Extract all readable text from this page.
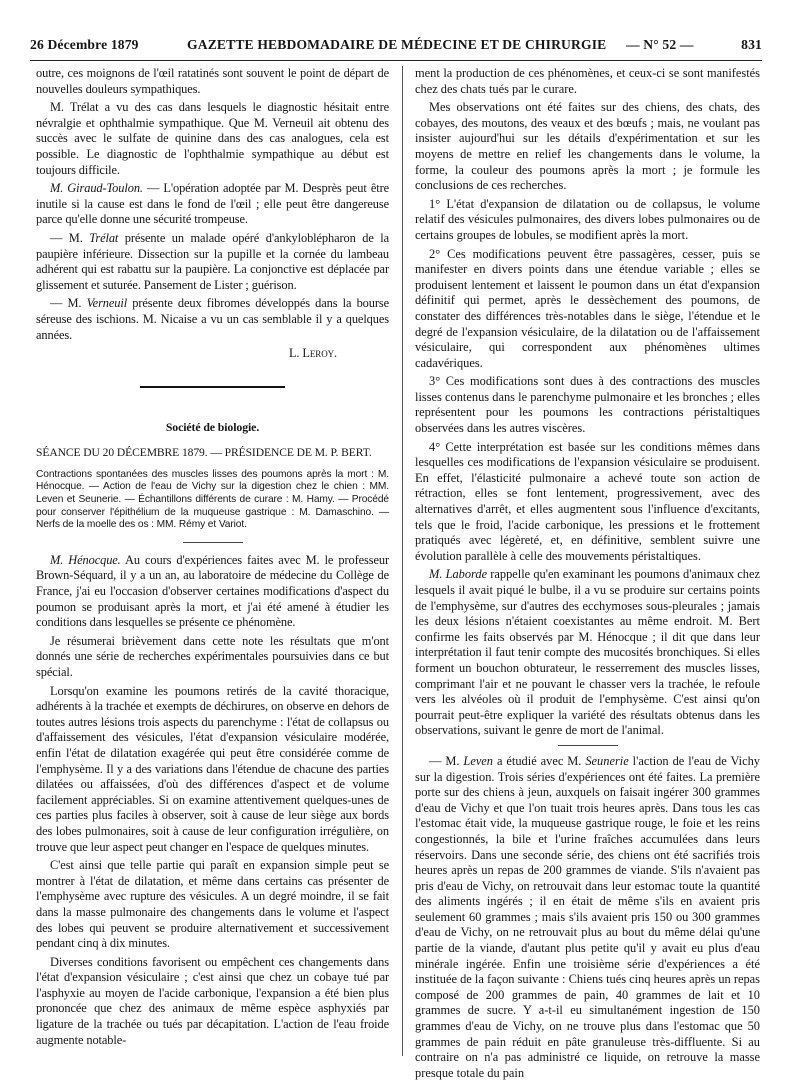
26 Décembre 1879	GAZETTE HEBDOMADAIRE DE MÉDECINE ET DE CHIRURGIE — N° 52 —	831

outre, ces moignons de l'œil ratatinés sont souvent le point de départ de nouvelles douleurs sympathiques.

M. Trélat a vu des cas dans lesquels le diagnostic hésitait entre névralgie et ophthalmie sympathique. Que M. Verneuil ait obtenu des succès avec le sulfate de quinine dans des cas analogues, cela est possible. Le diagnostic de l'ophthalmie sympathique au début est toujours difficile.

M. Giraud-Toulon. — L'opération adoptée par M. Desprès peut être inutile si la cause est dans le fond de l'œil ; elle peut être dangereuse parce qu'elle donne une sécurité trompeuse.

— M. Trélat présente un malade opéré d'ankyloblépharon de la paupière inférieure. Dissection sur la pupille et la cornée du lambeau adhérent qui est rabattu sur la paupière. La conjonctive est déplacée par glissement et suturée. Pansement de Lister ; guérison.

— M. Verneuil présente deux fibromes développés dans la bourse séreuse des ischions. M. Nicaise a vu un cas semblable il y a quelques années.

L. Leroy.

Société de biologie.

SÉANCE DU 20 DÉCEMBRE 1879. — PRÉSIDENCE DE M. P. BERT.

Contractions spontanées des muscles lisses des poumons après la mort : M. Hénocque. — Action de l'eau de Vichy sur la digestion chez le chien : MM. Leven et Seunerie. — Échantillons différents de curare : M. Hamy. — Procédé pour conserver l'épithélium de la muqueuse gastrique : M. Damaschino. — Nerfs de la moelle des os : MM. Rémy et Variot.

M. Hénocque. Au cours d'expériences faites avec M. le professeur Brown-Séquard, il y a un an, au laboratoire de médecine du Collège de France, j'ai eu l'occasion d'observer certaines modifications d'aspect du poumon se produisant après la mort, et j'ai été amené à étudier les conditions dans lesquelles se présente ce phénomène.

Je résumerai brièvement dans cette note les résultats que m'ont donnés une série de recherches expérimentales poursuivies dans ce but spécial.

Lorsqu'on examine les poumons retirés de la cavité thoracique, adhérents à la trachée et exempts de déchirures, on observe en dehors de toutes autres lésions trois aspects du parenchyme : l'état de collapsus ou d'affaissement des vésicules, l'état d'expansion vésiculaire modérée, enfin l'état de dilatation exagérée qui peut être considérée comme de l'emphysème. Il y a des variations dans l'étendue de chacune des parties dilatées ou affaissées, d'où des différences d'aspect et de volume facilement appréciables. Si on examine attentivement quelques-unes de ces parties plus faciles à observer, soit à cause de leur siège aux bords des lobes pulmonaires, soit à cause de leur configuration irrégulière, on trouve que leur aspect peut changer en l'espace de quelques minutes.

C'est ainsi que telle partie qui paraît en expansion simple peut se montrer à l'état de dilatation, et même dans certains cas présenter de l'emphysème avec rupture des vésicules. A un degré moindre, il se fait dans la masse pulmonaire des changements dans le volume et l'aspect des lobes qui peuvent se produire alternativement et successivement pendant cinq à dix minutes.

Diverses conditions favorisent ou empêchent ces changements dans l'état d'expansion vésiculaire ; c'est ainsi que chez un cobaye tué par l'asphyxie au moyen de l'acide carbonique, l'expansion a été bien plus prononcée que chez des animaux de même espèce asphyxiés par ligature de la trachée ou tués par décapitation. L'action de l'eau froide augmente notable-

ment la production de ces phénomènes, et ceux-ci se sont manifestés chez des chats tués par le curare.

Mes observations ont été faites sur des chiens, des chats, des cobayes, des moutons, des veaux et des bœufs ; mais, ne voulant pas insister aujourd'hui sur les détails d'expérimentation et sur les moyens de mettre en relief les changements dans le volume, la forme, la couleur des poumons après la mort ; je formule les conclusions de ces recherches.

1° L'état d'expansion de dilatation ou de collapsus, le volume relatif des vésicules pulmonaires, des divers lobes pulmonaires ou de certains groupes de lobules, se modifient après la mort.

2° Ces modifications peuvent être passagères, cesser, puis se manifester en divers points dans une étendue variable ; elles se produisent lentement et laissent le poumon dans un état d'expansion définitif qui permet, après le dessèchement des poumons, de constater des différences très-notables dans le siège, l'étendue et le degré de l'expansion vésiculaire, de la dilatation ou de l'affaissement vésiculaire, qui correspondent aux phénomènes ultimes cadavériques.

3° Ces modifications sont dues à des contractions des muscles lisses contenus dans le parenchyme pulmonaire et les bronches ; elles représentent pour les poumons les contractions péristaltiques observées dans les autres viscères.

4° Cette interprétation est basée sur les conditions mêmes dans lesquelles ces modifications de l'expansion vésiculaire se produisent. En effet, l'élasticité pulmonaire a achevé toute son action de rétraction, elles se font lentement, progressivement, avec des alternatives d'arrêt, et elles augmentent sous l'influence d'excitants, tels que le froid, l'acide carbonique, les pressions et le frottement pratiqués avec légèreté, et, en définitive, semblent suivre une évolution parallèle à celle des mouvements péristaltiques.

M. Laborde rappelle qu'en examinant les poumons d'animaux chez lesquels il avait piqué le bulbe, il a vu se produire sur certains points de l'emphysème, sur d'autres des ecchymoses sous-pleurales ; jamais les deux lésions n'étaient coexistantes au même endroit. M. Bert confirme les faits observés par M. Hénocque ; il dit que dans leur interprétation il faut tenir compte des mucosités bronchiques. Si elles forment un bouchon obturateur, le resserrement des muscles lisses, comprimant l'air et ne pouvant le chasser vers la trachée, le refoule vers les alvéoles où il produit de l'emphysème. C'est ainsi qu'on pourrait peut-être expliquer la variété des résultats obtenus dans les observations, suivant le genre de mort de l'animal.

— M. Leven a étudié avec M. Seunerie l'action de l'eau de Vichy sur la digestion. Trois séries d'expériences ont été faites. La première porte sur des chiens à jeun, auxquels on faisait ingérer 300 grammes d'eau de Vichy et que l'on tuait trois heures après. Dans tous les cas l'estomac était vide, la muqueuse gastrique rouge, le foie et les reins congestionnés, la bile et l'urine fraîches accumulées dans leurs réservoirs. Dans une seconde série, des chiens ont été sacrifiés trois heures après un repas de 200 grammes de viande. S'ils n'avaient pas pris d'eau de Vichy, on retrouvait dans leur estomac toute la quantité des aliments ingérés ; il en était de même s'ils en avaient pris seulement 60 grammes ; mais s'ils avaient pris 150 ou 300 grammes d'eau de Vichy, on ne retrouvait plus au bout du même délai qu'une partie de la viande, d'autant plus petite qu'il y avait eu plus d'eau minérale ingérée. Enfin une troisième série d'expériences a été instituée de la façon suivante : Chiens tués cinq heures après un repas composé de 200 grammes de pain, 40 grammes de lait et 10 grammes de sucre. Y a-t-il eu simultanément ingestion de 150 grammes d'eau de Vichy, on ne trouve plus dans l'estomac que 50 grammes de pain réduit en pâte granuleuse très-diffluente. Si au contraire on n'a pas administré ce liquide, on retrouve la masse presque totale du pain
